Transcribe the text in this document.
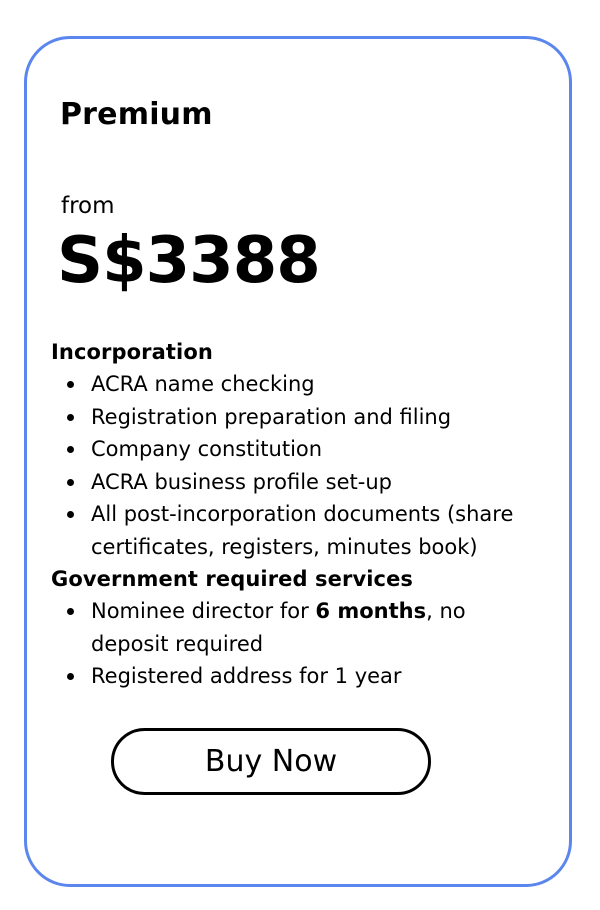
Premium
from
S$3388
Incorporation
ACRA name checking
Registration preparation and filing
Company constitution
ACRA business profile set-up
All post-incorporation documents (share certificates, registers, minutes book)
Government required services
Nominee director for 6 months, no deposit required
Registered address for 1 year
Buy Now
